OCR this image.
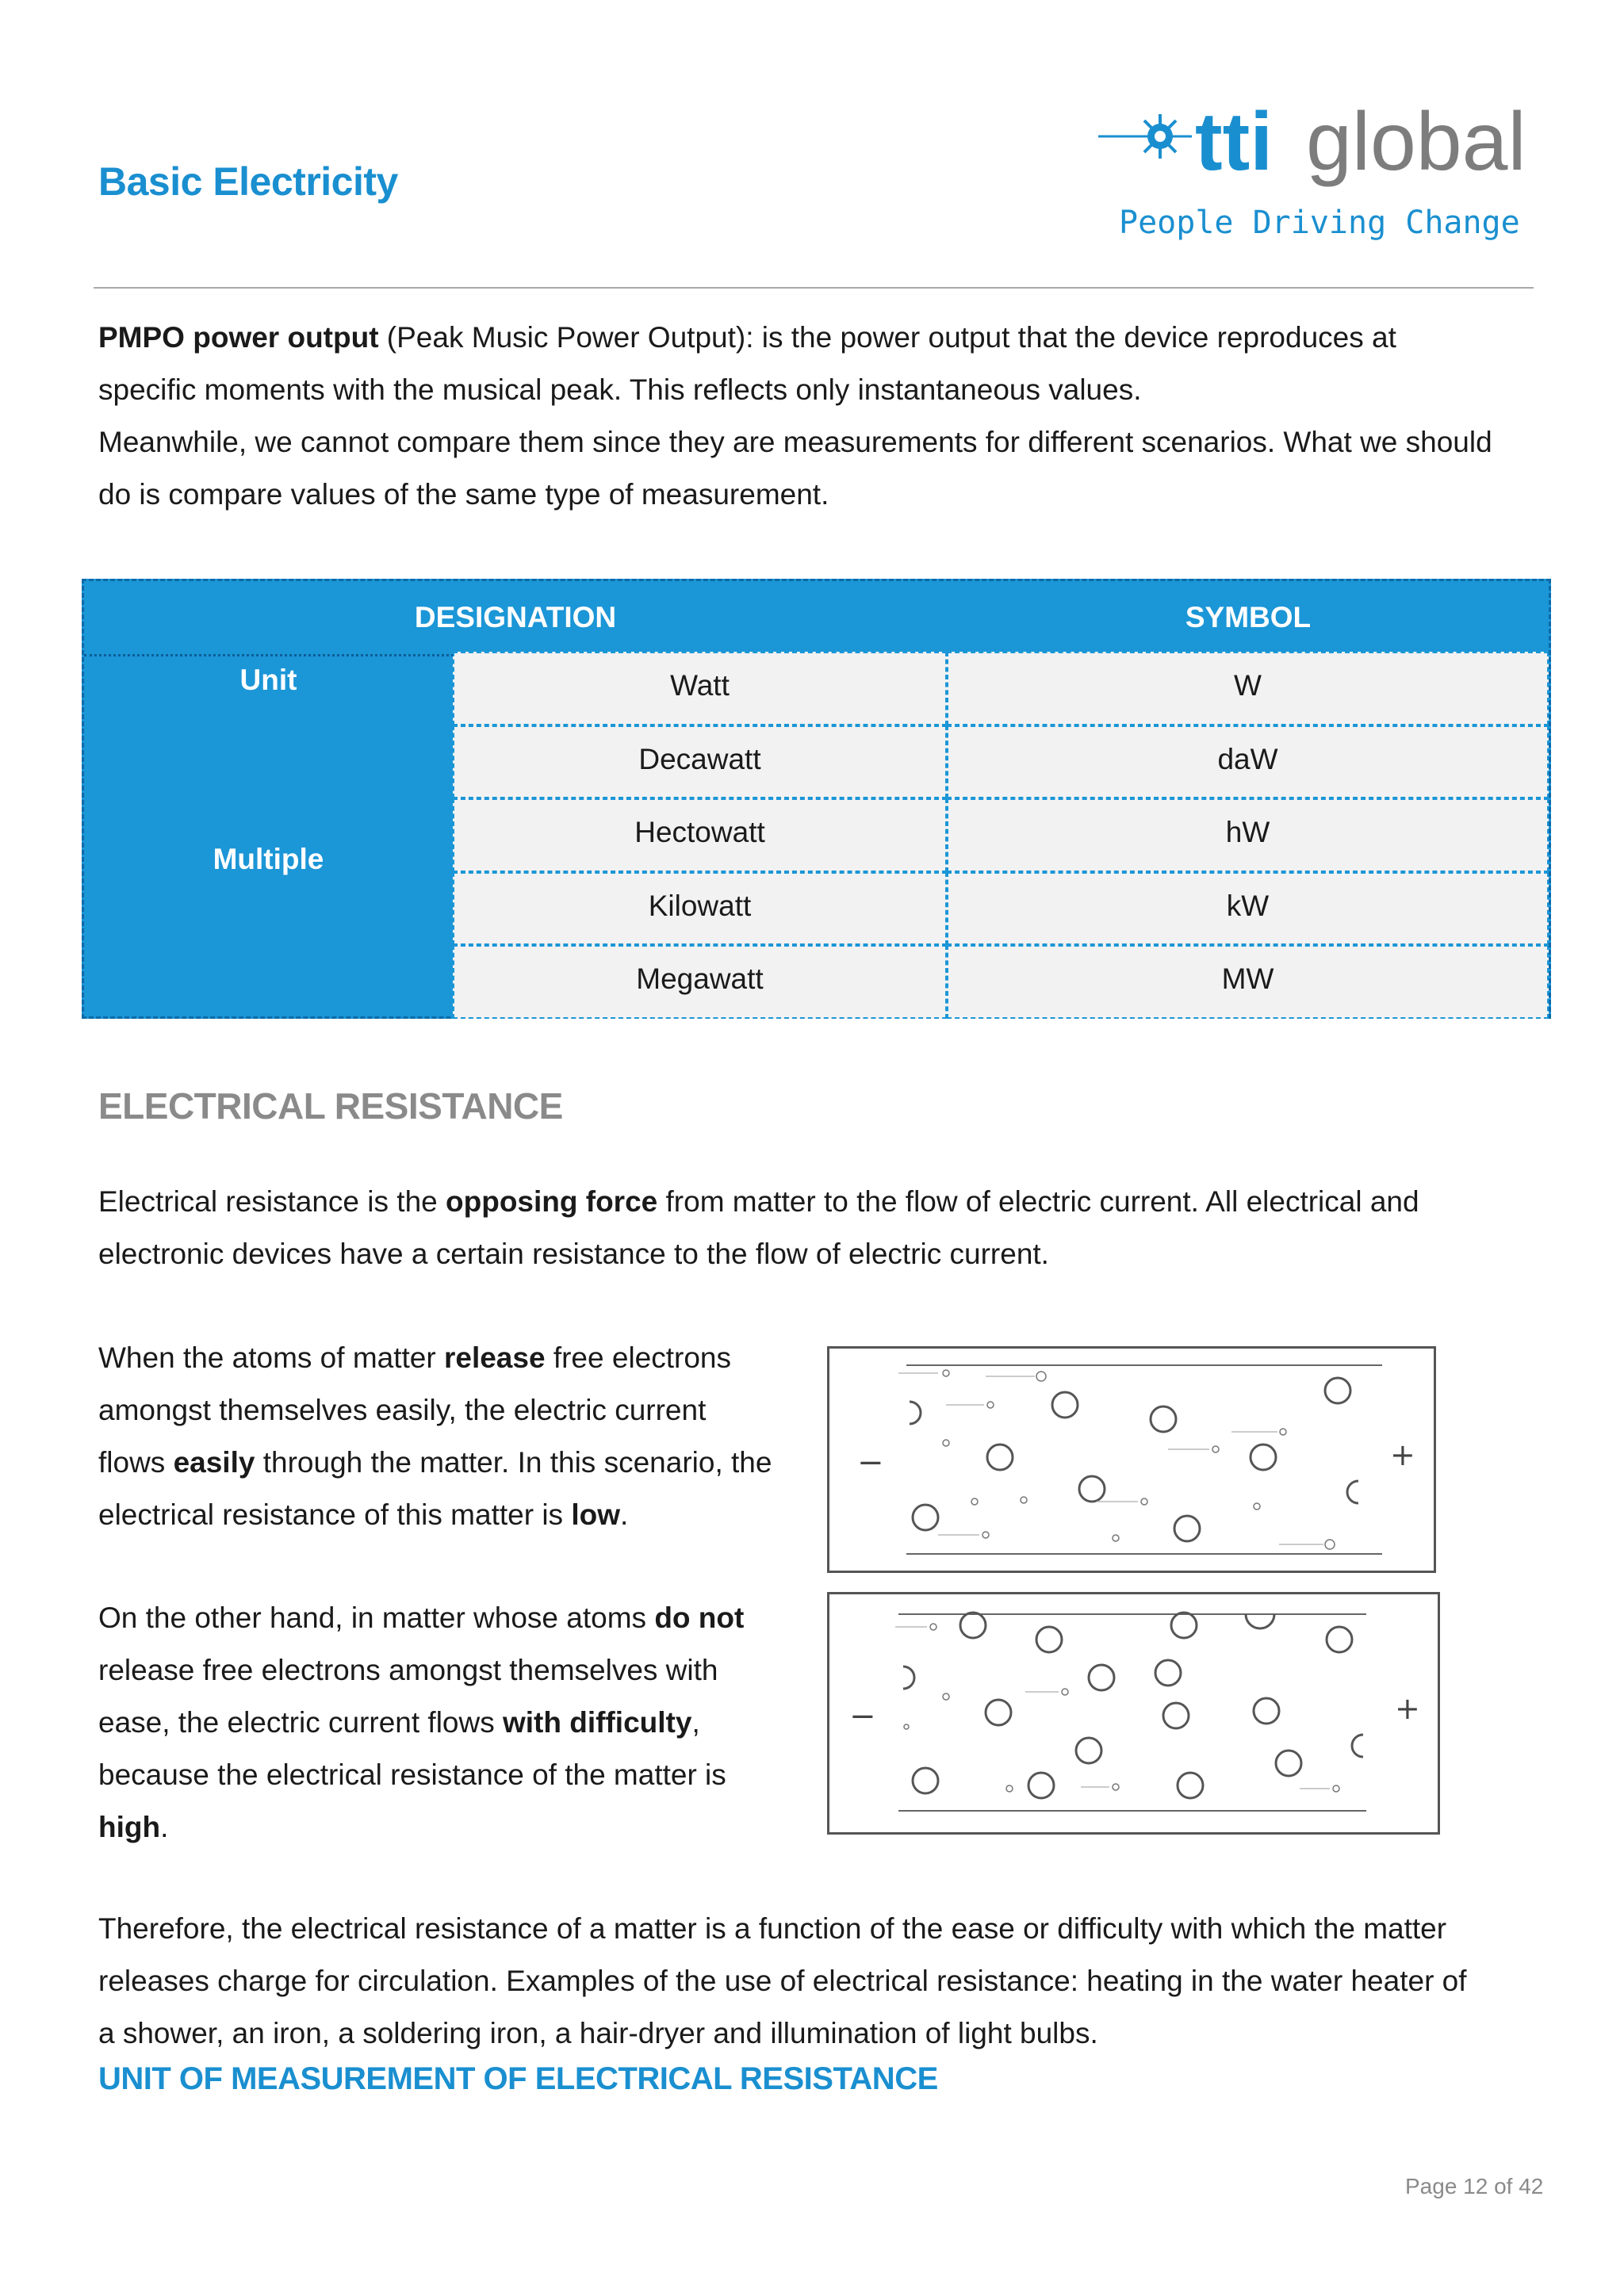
Basic Electricity	tti global
People Driving Change
PMPO power output (Peak Music Power Output): is the power output that the device reproduces at
specific moments with the musical peak. This reflects only instantaneous values.
Meanwhile, we cannot compare them since they are measurements for different scenarios. What we should
do is compare values of the same type of measurement.
DESIGNATION	SYMBOL
Unit
Multiple
Watt	W
Decawatt	daW
Hectowatt	hW
Kilowatt	kW
Megawatt	MW
ELECTRICAL RESISTANCE
Electrical resistance is the opposing force from matter to the flow of electric current. All electrical and
electronic devices have a certain resistance to the flow of electric current.
When the atoms of matter release free electrons
amongst themselves easily, the electric current
flows easily through the matter. In this scenario, the
electrical resistance of this matter is low.
On the other hand, in matter whose atoms do not
release free electrons amongst themselves with
ease, the electric current flows with difficulty,
because the electrical resistance of the matter is
high.
−	+
−	+
Therefore, the electrical resistance of a matter is a function of the ease or difficulty with which the matter
releases charge for circulation. Examples of the use of electrical resistance: heating in the water heater of
a shower, an iron, a soldering iron, a hair-dryer and illumination of light bulbs.
UNIT OF MEASUREMENT OF ELECTRICAL RESISTANCE
Page 12 of 42
